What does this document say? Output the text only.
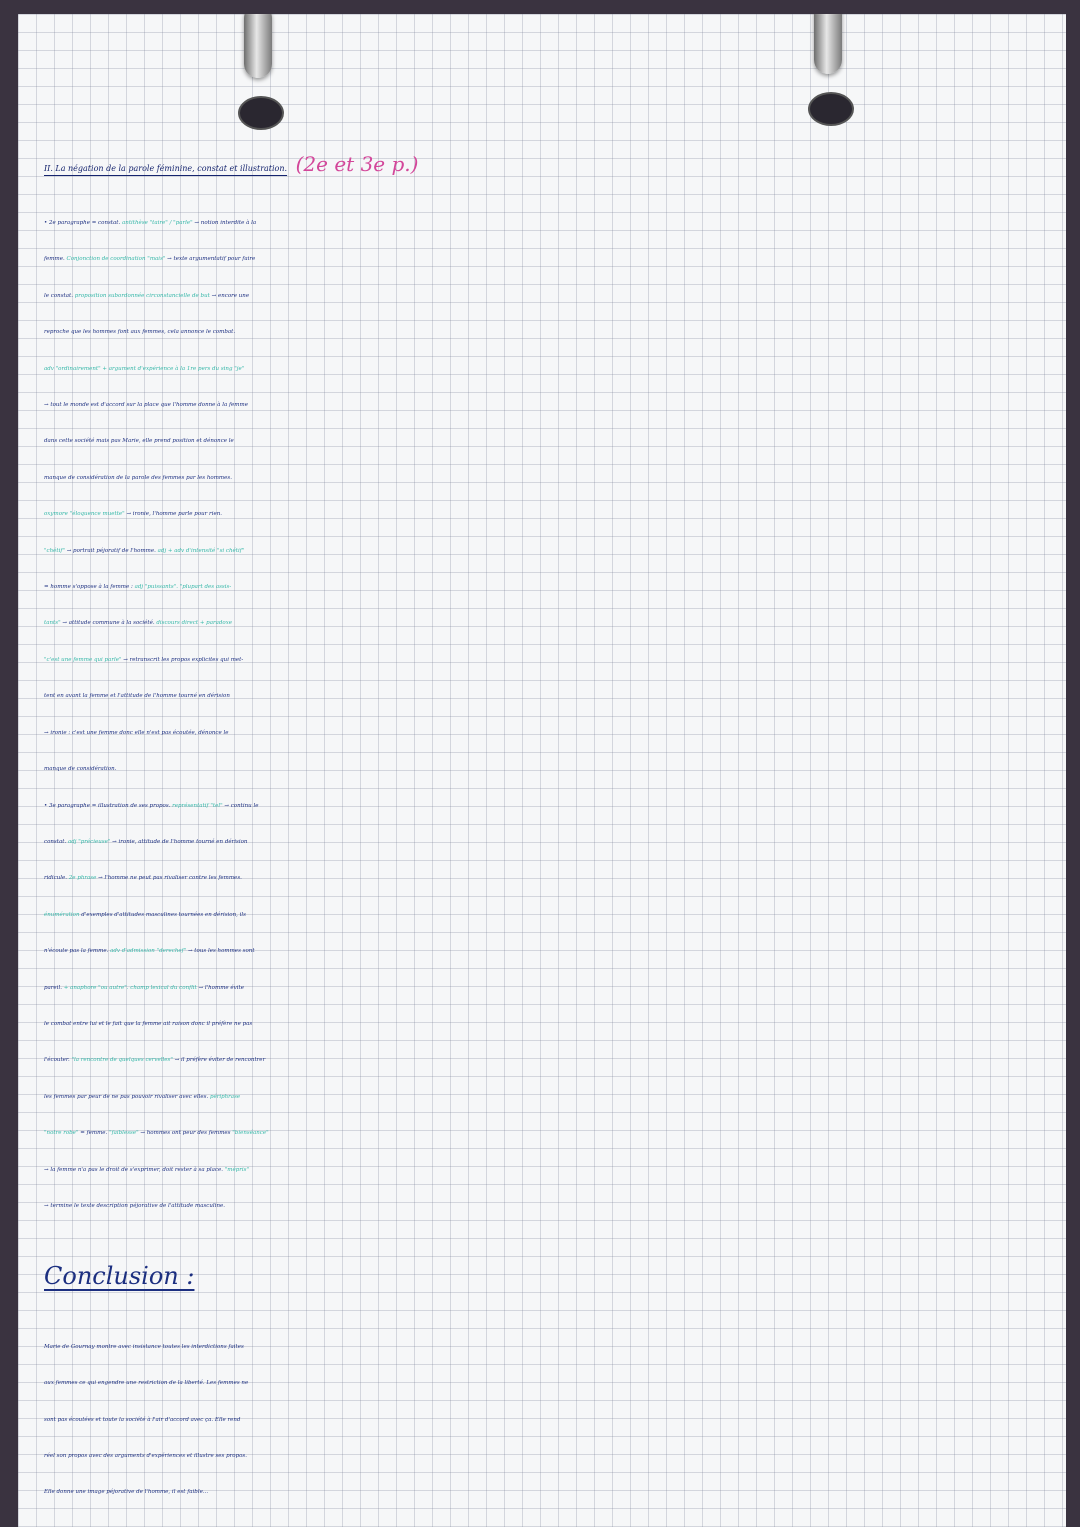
II. La négation de la parole féminine, constat et illustration. (2e et 3e p.)
• 2e paragraphe = constat. antithèse "taire" / "parle" → notion interdite à la
femme. Conjonction de coordination "mais" → texte argumentatif pour faire
le constat. proposition subordonnée circonstancielle de but → encore une
reproche que les hommes font aux femmes, cela annonce le combat.
adv "ordinairement" + argument d'expérience à la 1re pers du sing "je"
→ tout le monde est d'accord sur la place que l'homme donne à la femme
dans cette société mais pas Marie, elle prend position et dénonce le
manque de considération de la parole des femmes par les hommes.
oxymore "éloquence muette" → ironie, l'homme parle pour rien.
"chétif" → portrait péjoratif de l'homme. adj + adv d'intensité "si chétif"
= homme s'oppose à la femme : adj "puissants". "plupart des assis-
tants" → attitude commune à la société. discours direct + paradoxe
"c'est une femme qui parle" → retranscrit les propos explicites qui met-
tent en avant la femme et l'attitude de l'homme tourné en dérision
→ ironie : c'est une femme donc elle n'est pas écoutée, dénonce le
manque de considération.
• 3e paragraphe = illustration de ses propos. représentatif "tel" → continu le
constat. adj "précieuse" → ironie, attitude de l'homme tourné en dérision
ridicule. 2e phrase → l'homme ne peut pas rivaliser contre les femmes.
énumération d'exemples d'attitudes masculines tournées en dérision, ils
n'écoute pas la femme. adv d'admission "derechef" → tous les hommes sont
pareil. + anaphore "ou autre". champ lexical du conflit → l'homme évite
le combat entre lui et le fait que la femme ait raison donc il préfère ne pas
l'écouter. "la rencontre de quelques cervelles" → il préfère éviter de rencontrer
les femmes par peur de ne pas pouvoir rivaliser avec elles. périphrase
"notre robe" = femme. "faiblesse" → hommes ont peur des femmes "bienséance"
→ la femme n'a pas le droit de s'exprimer, doit rester à sa place. "mépris"
→ termine le texte description péjorative de l'attitude masculine.
Conclusion :
Marie de Gournay montre avec insistance toutes les interdictions faites
aux femmes ce qui engendre une restriction de la liberté. Les femmes ne
sont pas écoutées et toute la société à l'air d'accord avec ça. Elle rend
réel son propos avec des arguments d'expériences et illustre ses propos.
Elle donne une image péjorative de l'homme, il est faible...
